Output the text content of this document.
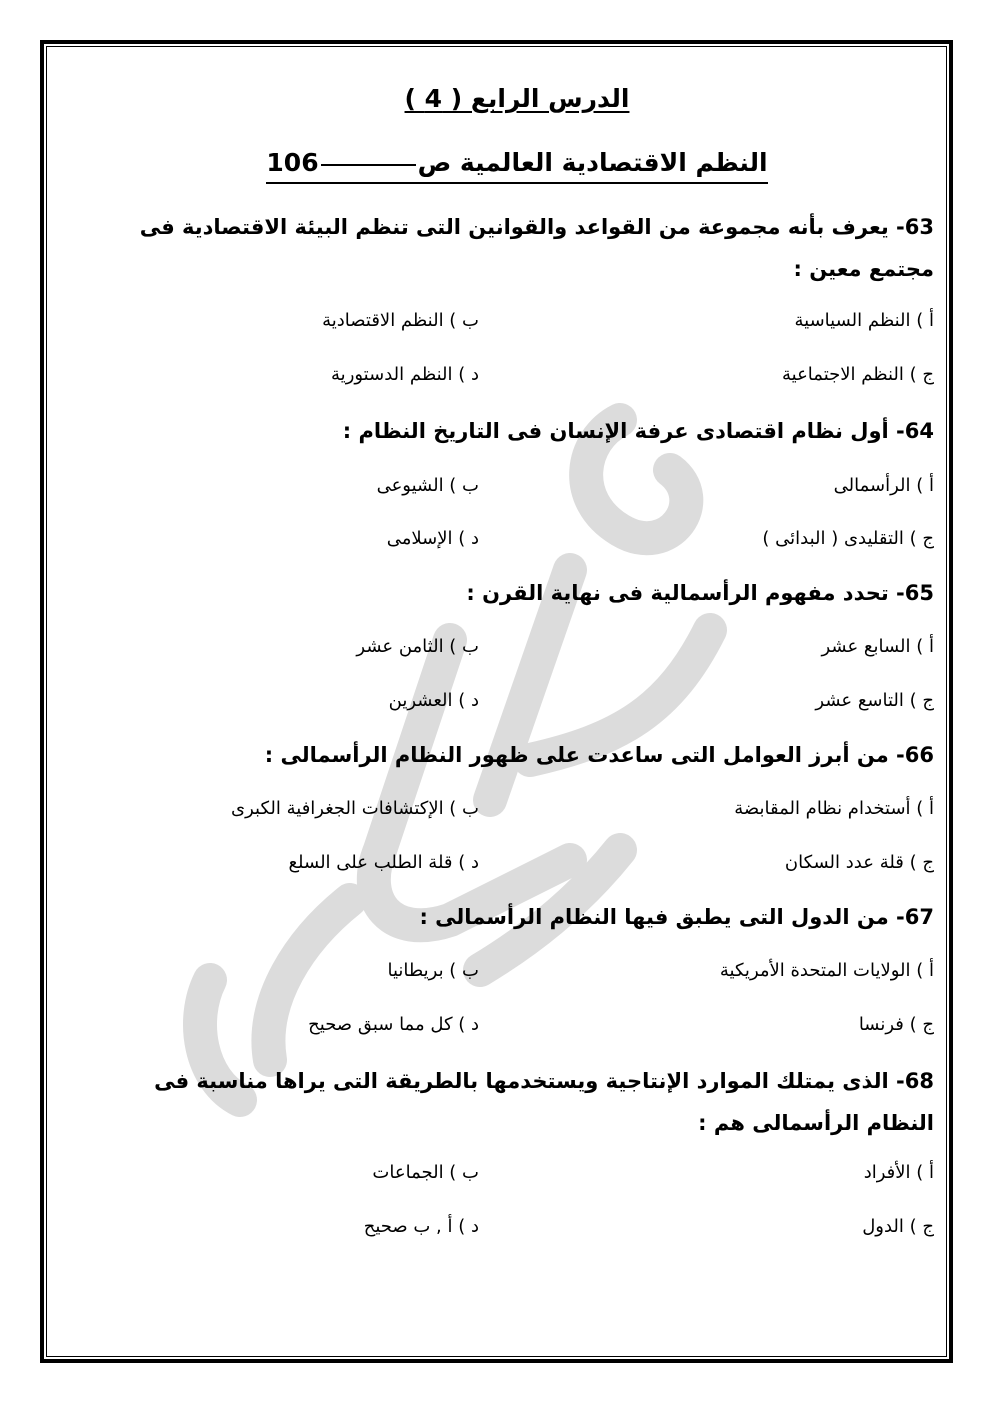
الدرس الرابع ( 4 )
النظم الاقتصادية العالمية ص106
63- يعرف بأنه مجموعة من القواعد والقوانين التى تنظم البيئة الاقتصادية فى مجتمع معين :
أ ) النظم السياسية
ب ) النظم الاقتصادية
ج ) النظم الاجتماعية
د ) النظم الدستورية
64- أول نظام اقتصادى عرفة الإنسان فى التاريخ النظام :
أ ) الرأسمالى
ب ) الشيوعى
ج ) التقليدى ( البدائى )
د ) الإسلامى
65- تحدد مفهوم الرأسمالية فى نهاية القرن :
أ ) السابع عشر
ب ) الثامن عشر
ج ) التاسع عشر
د ) العشرين
66- من أبرز العوامل التى ساعدت على ظهور النظام الرأسمالى :
أ ) أستخدام نظام المقابضة
ب ) الإكتشافات الجغرافية الكبرى
ج ) قلة عدد السكان
د ) قلة الطلب على السلع
67- من الدول التى يطبق فيها النظام الرأسمالى :
أ ) الولايات المتحدة الأمريكية
ب ) بريطانيا
ج ) فرنسا
د ) كل مما سبق صحيح
68- الذى يمتلك الموارد الإنتاجية ويستخدمها بالطريقة التى يراها مناسبة فى النظام الرأسمالى هم :
أ ) الأفراد
ب ) الجماعات
ج ) الدول
د ) أ , ب صحيح
